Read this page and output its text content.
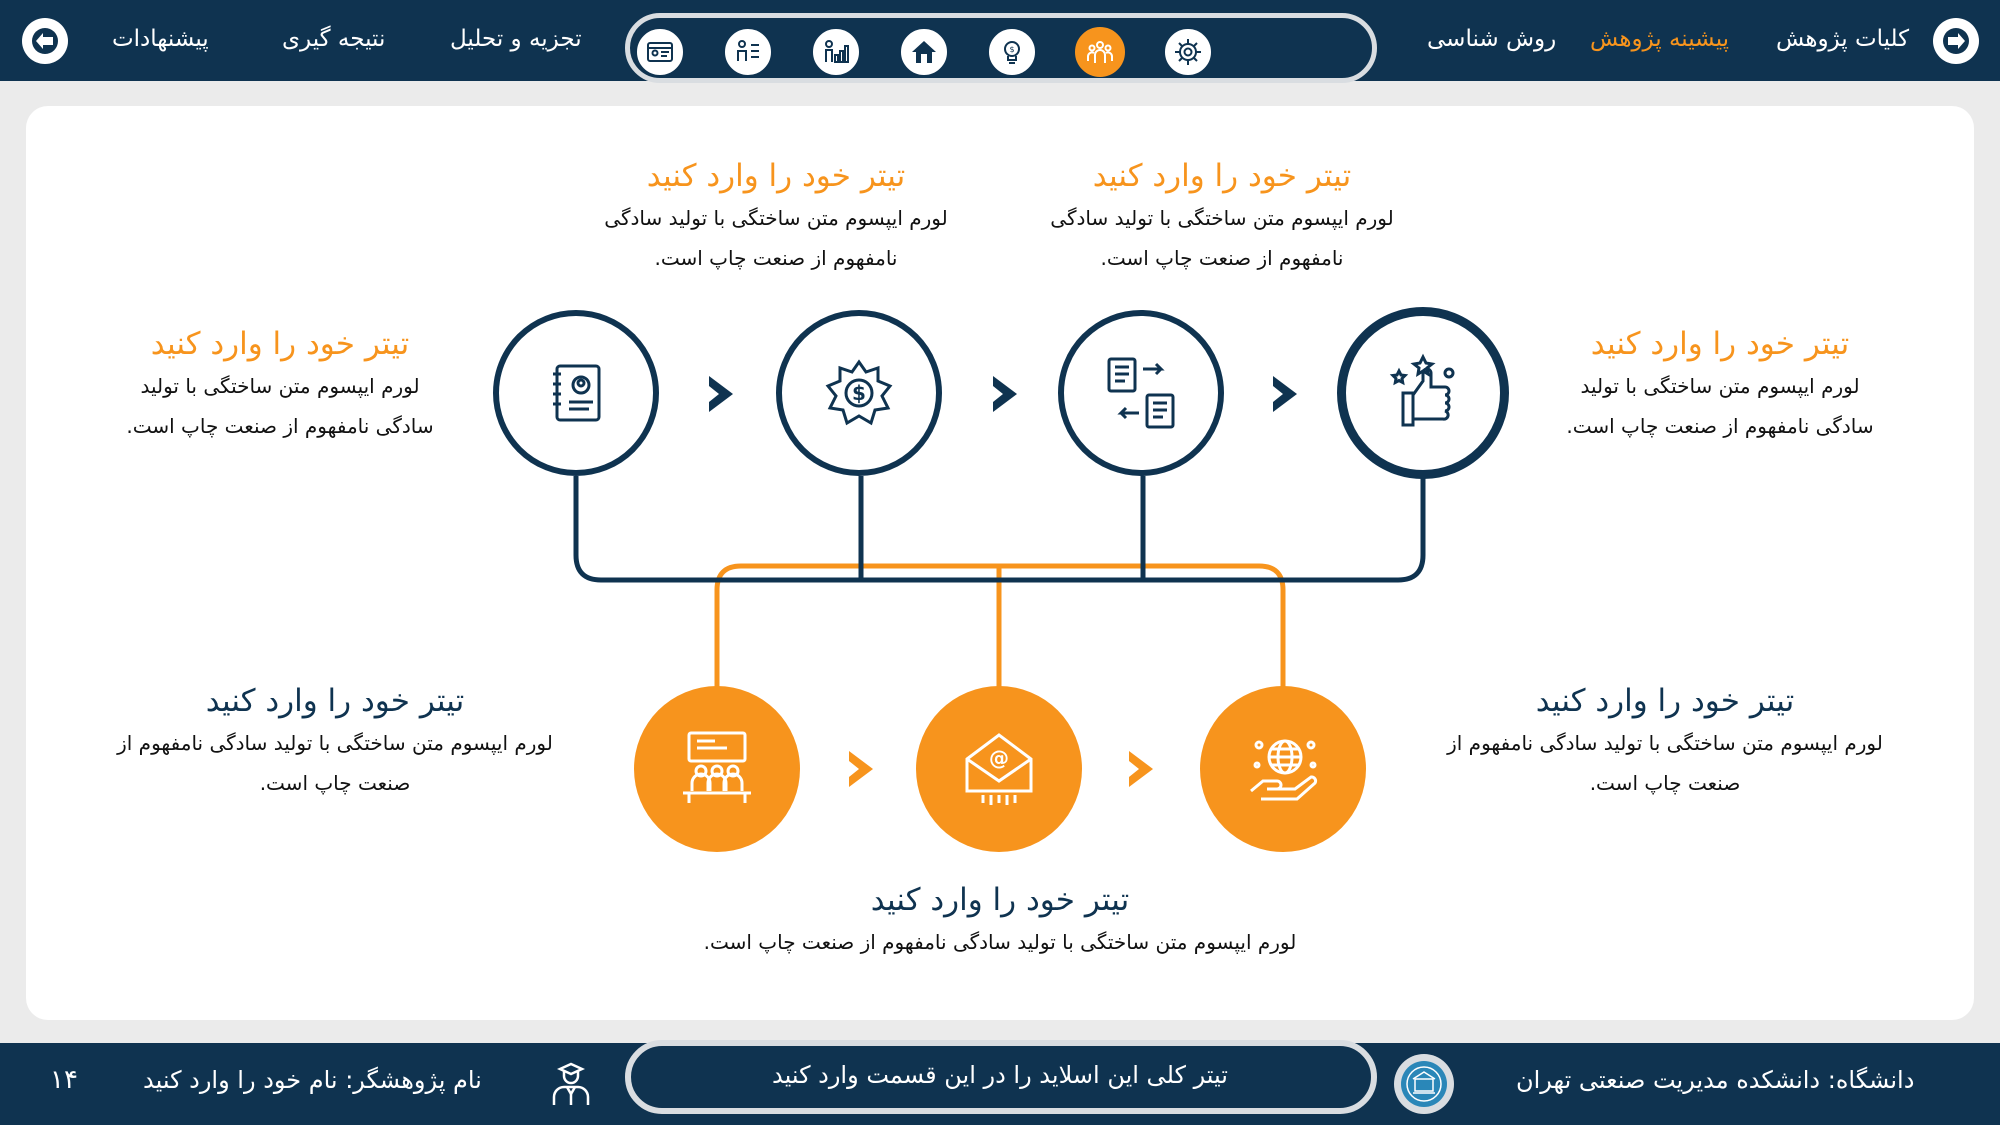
پیشنهادات	نتیجه گیری	تجزیه و تحلیل	$	روش شناسی پیشینه پژوهش کلیات پژوهش
$
@
تیتر خود را وارد کنید
لورم ایپسوم متن ساختگی با تولید سادگی نامفهوم از صنعت چاپ است.
تیتر خود را وارد کنید
لورم ایپسوم متن ساختگی با تولید سادگی نامفهوم از صنعت چاپ است.
تیتر خود را وارد کنید
لورم ایپسوم متن ساختگی با تولید سادگی نامفهوم از صنعت چاپ است.
تیتر خود را وارد کنید
لورم ایپسوم متن ساختگی با تولید سادگی نامفهوم از صنعت چاپ است.
تیتر خود را وارد کنید
لورم ایپسوم متن ساختگی با تولید سادگی نامفهوم از صنعت چاپ است.
تیتر خود را وارد کنید
لورم ایپسوم متن ساختگی با تولید سادگی نامفهوم از صنعت چاپ است.
تیتر خود را وارد کنید
لورم ایپسوم متن ساختگی با تولید سادگی نامفهوم از صنعت چاپ است.
تیتر کلی این اسلاید را در این قسمت وارد کنید
۱۴	نام پژوهشگر: نام خود را وارد کنید	دانشگاه: دانشکده مدیریت صنعتی تهران
